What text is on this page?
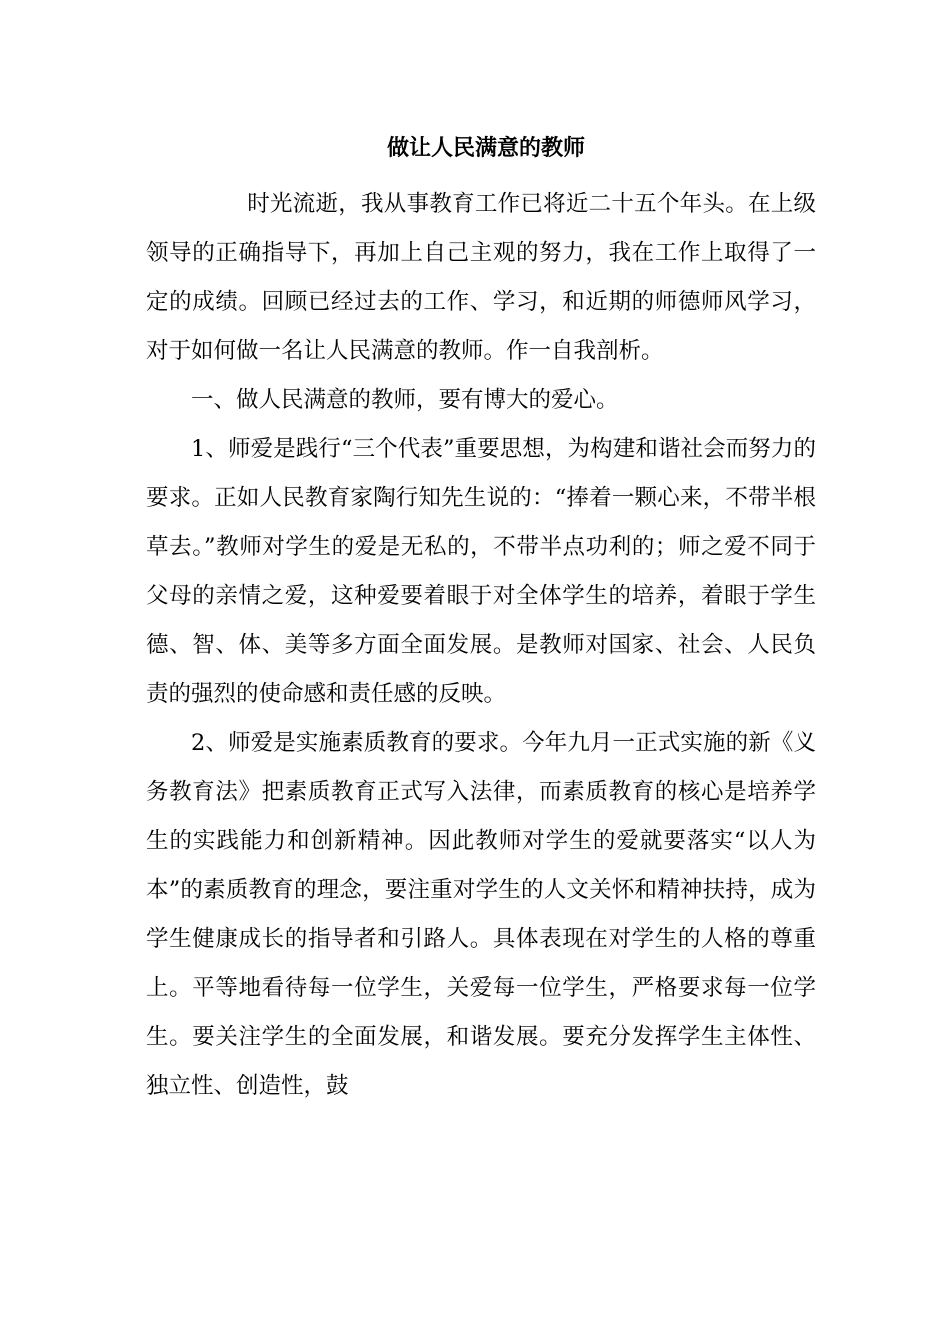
做让人民满意的教师

时光流逝，我从事教育工作已将近二十五个年头。在上级领导的正确指导下，再加上自己主观的努力，我在工作上取得了一定的成绩。回顾已经过去的工作、学习，和近期的师德师风学习，对于如何做一名让人民满意的教师。作一自我剖析。

一、做人民满意的教师，要有博大的爱心。

1、师爱是践行“三个代表”重要思想，为构建和谐社会而努力的要求。正如人民教育家陶行知先生说的：“捧着一颗心来，不带半根草去。”教师对学生的爱是无私的，不带半点功利的；师之爱不同于父母的亲情之爱，这种爱要着眼于对全体学生的培养，着眼于学生德、智、体、美等多方面全面发展。是教师对国家、社会、人民负责的强烈的使命感和责任感的反映。

2、师爱是实施素质教育的要求。今年九月一正式实施的新《义务教育法》把素质教育正式写入法律，而素质教育的核心是培养学生的实践能力和创新精神。因此教师对学生的爱就要落实“以人为本”的素质教育的理念，要注重对学生的人文关怀和精神扶持，成为学生健康成长的指导者和引路人。具体表现在对学生的人格的尊重上。平等地看待每一位学生，关爱每一位学生，严格要求每一位学生。要关注学生的全面发展，和谐发展。要充分发挥学生主体性、独立性、创造性，鼓
